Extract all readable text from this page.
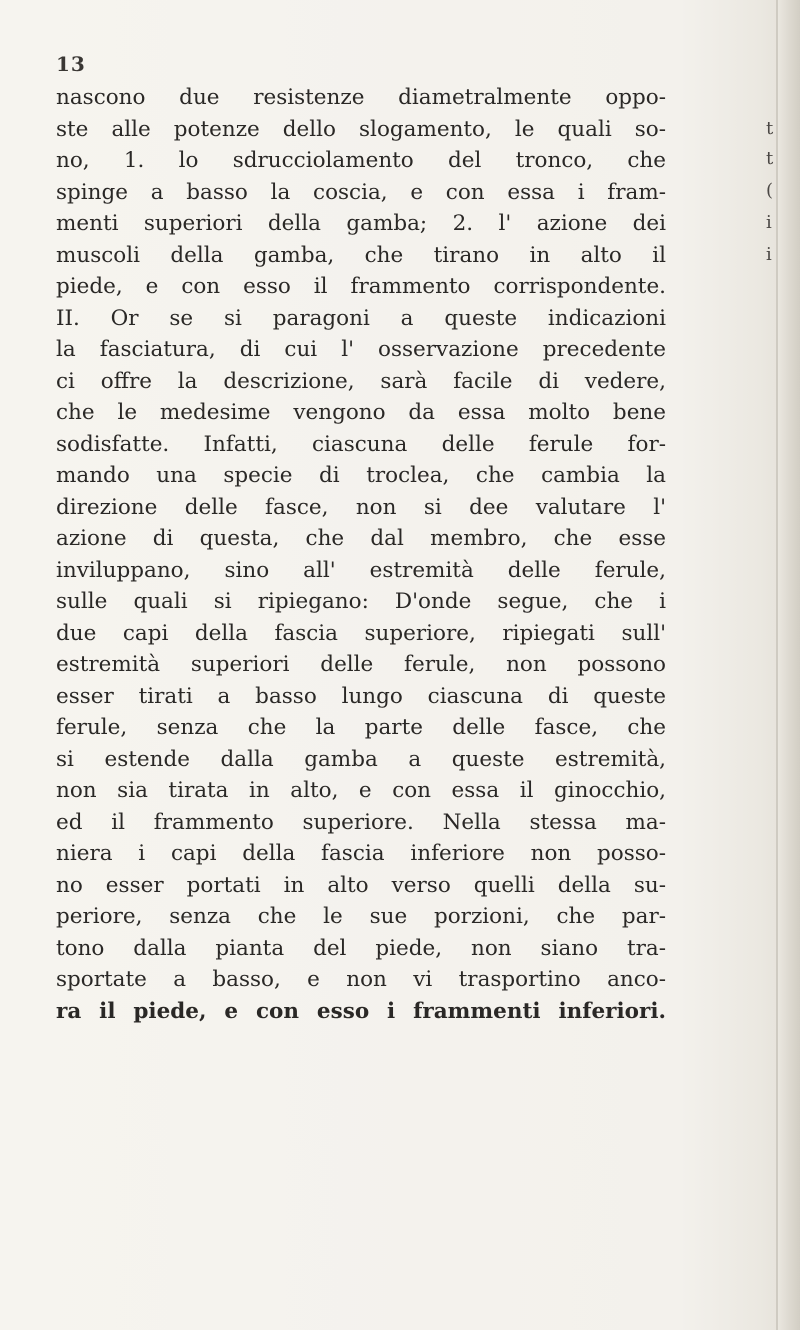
13
nascono due resistenze diametralmente oppo-
ste alle potenze dello slogamento, le quali so-
no, 1. lo sdrucciolamento del tronco, che
spinge a basso la coscia, e con essa i fram-
menti superiori della gamba; 2. l' azione dei
muscoli della gamba, che tirano in alto il
piede, e con esso il frammento corrispondente.
II. Or se si paragoni a queste indicazioni
la fasciatura, di cui l' osservazione precedente
ci offre la descrizione, sarà facile di vedere,
che le medesime vengono da essa molto bene
sodisfatte. Infatti, ciascuna delle ferule for-
mando una specie di troclea, che cambia la
direzione delle fasce, non si dee valutare l'
azione di questa, che dal membro, che esse
inviluppano, sino all' estremità delle ferule,
sulle quali si ripiegano: D'onde segue, che i
due capi della fascia superiore, ripiegati sull'
estremità superiori delle ferule, non possono
esser tirati a basso lungo ciascuna di queste
ferule, senza che la parte delle fasce, che
si estende dalla gamba a queste estremità,
non sia tirata in alto, e con essa il ginocchio,
ed il frammento superiore. Nella stessa ma-
niera i capi della fascia inferiore non posso-
no esser portati in alto verso quelli della su-
periore, senza che le sue porzioni, che par-
tono dalla pianta del piede, non siano tra-
sportate a basso, e non vi trasportino anco-
ra il piede, e con esso i frammenti inferiori.
t
t
(
i
i
